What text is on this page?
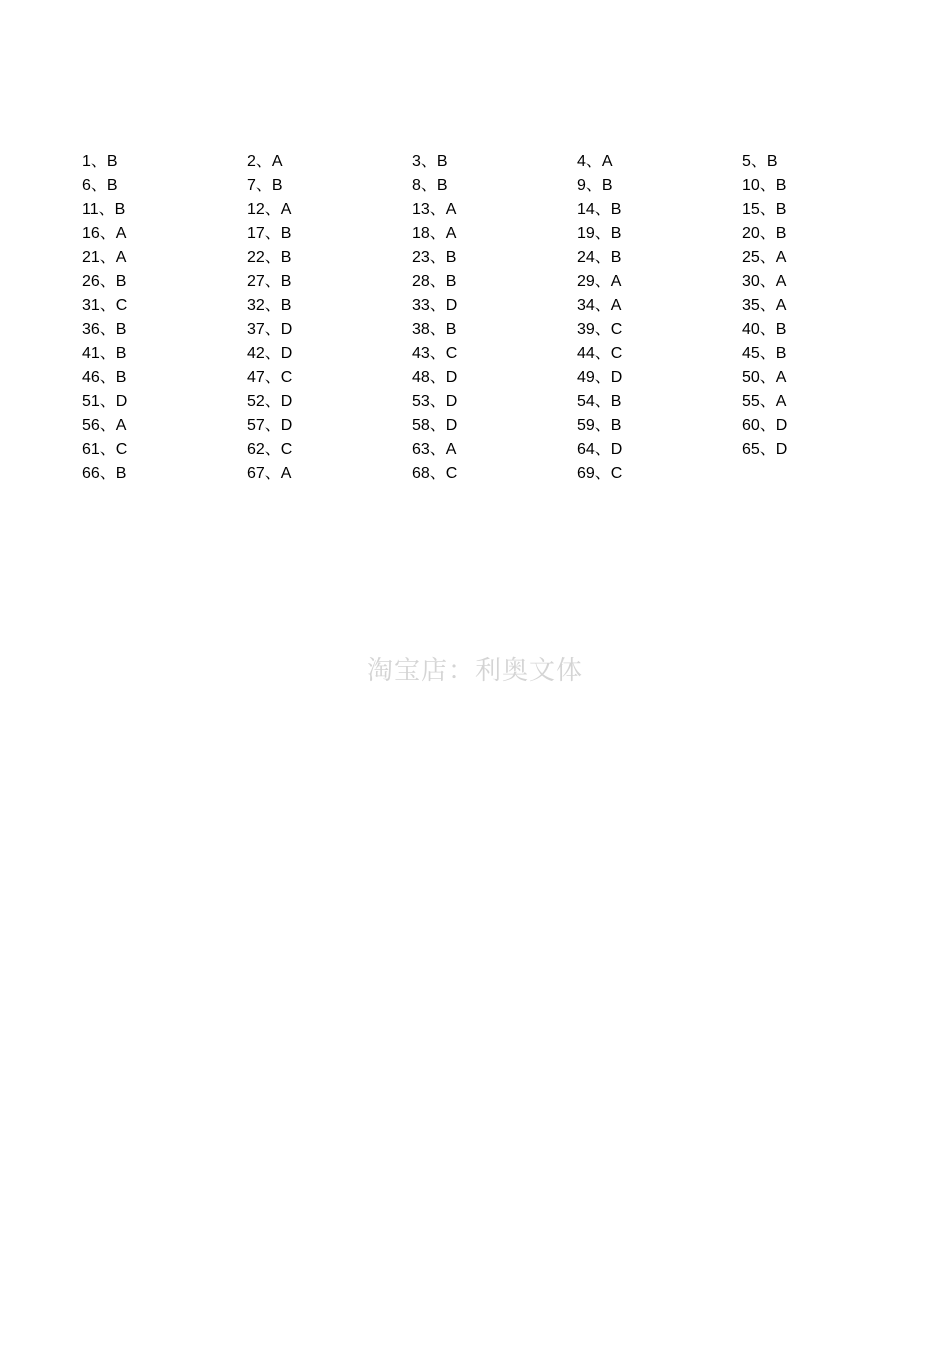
1、B	2、A	3、B	4、A	5、B
6、B	7、B	8、B	9、B	10、B
11、B	12、A	13、A	14、B	15、B
16、A	17、B	18、A	19、B	20、B
21、A	22、B	23、B	24、B	25、A
26、B	27、B	28、B	29、A	30、A
31、C	32、B	33、D	34、A	35、A
36、B	37、D	38、B	39、C	40、B
41、B	42、D	43、C	44、C	45、B
46、B	47、C	48、D	49、D	50、A
51、D	52、D	53、D	54、B	55、A
56、A	57、D	58、D	59、B	60、D
61、C	62、C	63、A	64、D	65、D
66、B	67、A	68、C	69、C
淘宝店：利奥文体
